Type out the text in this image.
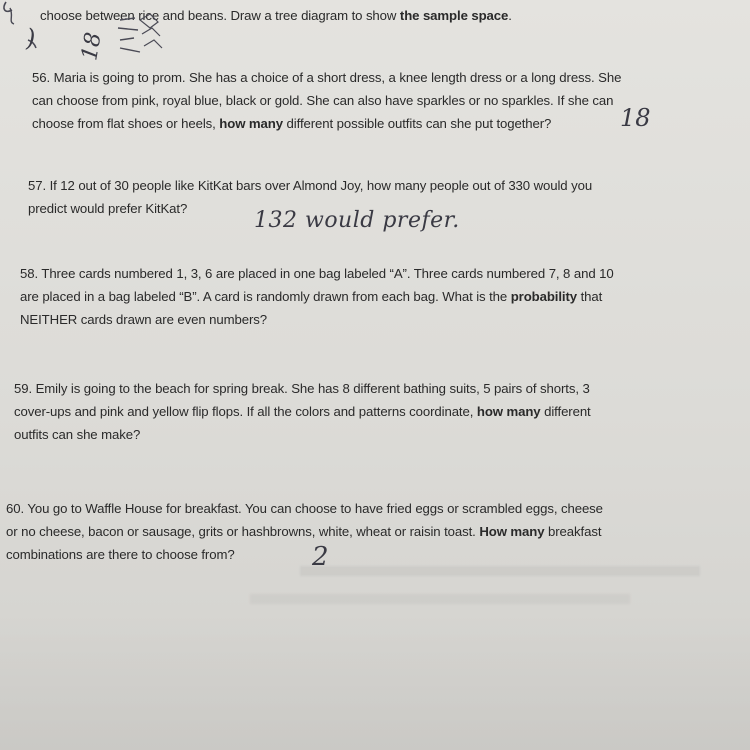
choose between rice and beans. Draw a tree diagram to show the sample space.
) 18
56. Maria is going to prom. She has a choice of a short dress, a knee length dress or a long dress. She
can choose from pink, royal blue, black or gold. She can also have sparkles or no sparkles. If she can
choose from flat shoes or heels, how many different possible outfits can she put together?	18
57. If 12 out of 30 people like KitKat bars over Almond Joy, how many people out of 330 would you
predict would prefer KitKat?	132 would prefer.
58. Three cards numbered 1, 3, 6 are placed in one bag labeled “A”. Three cards numbered 7, 8 and 10
are placed in a bag labeled “B”. A card is randomly drawn from each bag. What is the probability that
NEITHER cards drawn are even numbers?
59. Emily is going to the beach for spring break. She has 8 different bathing suits, 5 pairs of shorts, 3
cover-ups and pink and yellow flip flops. If all the colors and patterns coordinate, how many different
outfits can she make?
60. You go to Waffle House for breakfast. You can choose to have fried eggs or scrambled eggs, cheese
or no cheese, bacon or sausage, grits or hashbrowns, white, wheat or raisin toast. How many breakfast
combinations are there to choose from?	2
